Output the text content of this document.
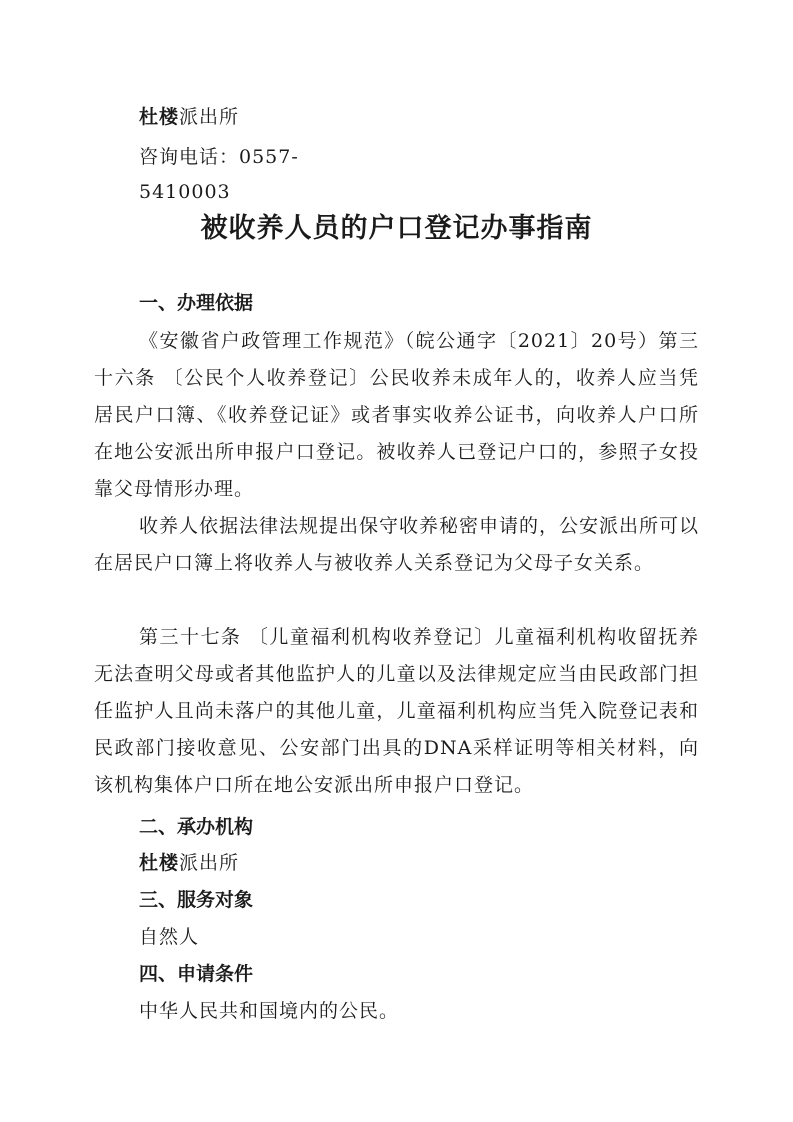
杜楼派出所
咨询电话：0557-
5410003
被收养人员的户口登记办事指南
一、办理依据
《安徽省户政管理工作规范》（皖公通字〔2021〕20号）第三十六条 〔公民个人收养登记〕公民收养未成年人的，收养人应当凭居民户口簿、《收养登记证》或者事实收养公证书，向收养人户口所在地公安派出所申报户口登记。被收养人已登记户口的，参照子女投靠父母情形办理。
收养人依据法律法规提出保守收养秘密申请的，公安派出所可以在居民户口簿上将收养人与被收养人关系登记为父母子女关系。
第三十七条 〔儿童福利机构收养登记〕儿童福利机构收留抚养无法查明父母或者其他监护人的儿童以及法律规定应当由民政部门担任监护人且尚未落户的其他儿童，儿童福利机构应当凭入院登记表和民政部门接收意见、公安部门出具的DNA采样证明等相关材料，向该机构集体户口所在地公安派出所申报户口登记。
二、承办机构
杜楼派出所
三、服务对象
自然人
四、申请条件
中华人民共和国境内的公民。
